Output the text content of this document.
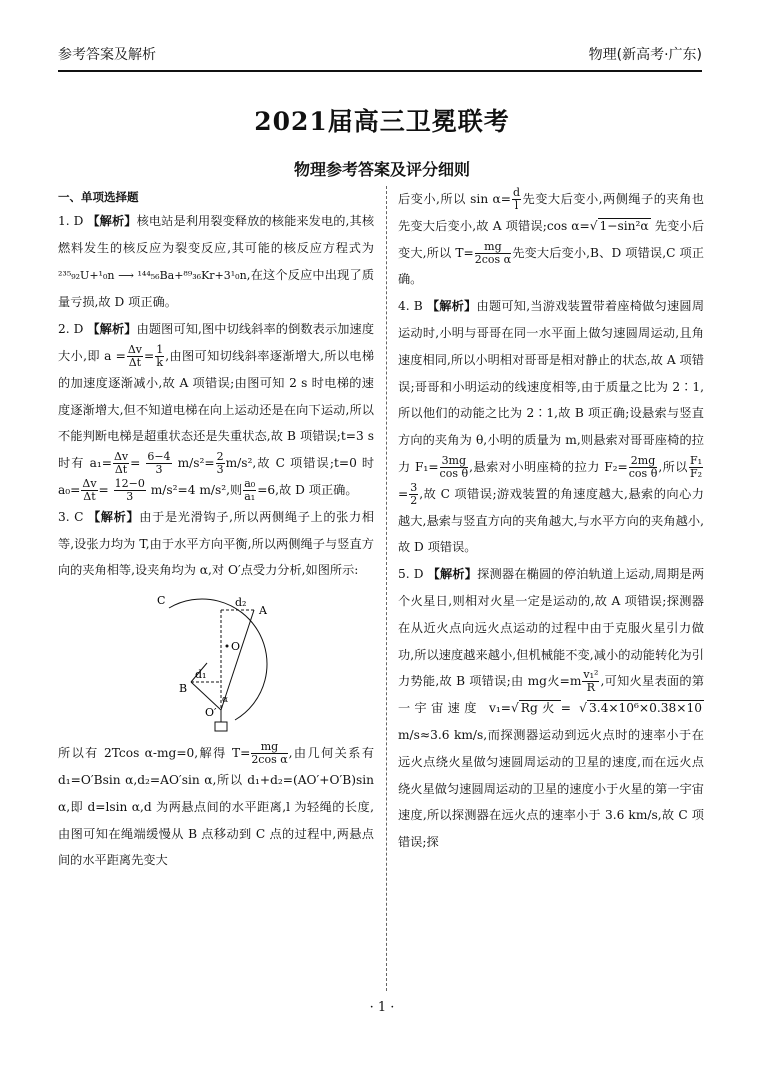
参考答案及解析	物理(新高考·广东)
2021届高三卫冕联考
物理参考答案及评分细则
一、单项选择题

1. D 【解析】核电站是利用裂变释放的核能来发电的,其核燃料发生的核反应为裂变反应,其可能的核反应方程式为²³⁵₉₂U+¹₀n ⟶ ¹⁴⁴₅₆Ba+⁸⁹₃₆Kr+3¹₀n,在这个反应中出现了质量亏损,故 D 项正确。

2. D 【解析】由题图可知,图中切线斜率的倒数表示加速度大小,即 $a = \frac{\Delta v}{\Delta t} = \frac{1}{k}$ ,由图可知切线斜率逐渐增大,所以电梯的加速度逐渐减小,故 A 项错误;由图可知 2 s 时电梯的速度逐渐增大,但不知道电梯在向上运动还是在向下运动,所以不能判断电梯是超重状态还是失重状态,故 B 项错误;t=3 s 时有 $a_1= \frac{\Delta v}{\Delta t} = \frac{6-4}{3} m/s^2= \frac{2}{3} m/s^2$,故 C 项错误;t=0 时 $a_0= \frac{\Delta v}{\Delta t} = \frac{12-0}{3} m/s^2=4$ m/s²,则 $\frac{\text{a₀}}{\text{a₁}} =6$,故 D 项正确。

3. C 【解析】由于是光滑钩子,所以两侧绳子上的张力相等,设张力均为 T,由于水平方向平衡,所以两侧绳子与竖直方向的夹角相等,设夹角均为 α,对 O′点受力分析,如图所示:

C
A
B
O
O′
d₁
d₂
α

所以有 2Tcos α-mg=0,解得 $T= \frac{mg}{\text{2cos α}}$ ,由几何关系有 d₁=O′Bsin α,d₂=AO′sin α,所以 d₁+d₂=(AO′+O′B)sin α,即 d=lsin α,d 为两悬点间的水平距离,l 为轻绳的长度,由图可知在绳端缓慢从 B 点移动到 C 点的过程中,两悬点间的水平距离先变大

后变小,所以 $\sin \alpha= \frac{d}{l}$ 先变大后变小,两侧绳子的夹角也先变大后变小,故 A 项错误;cos α=√ 1−sin²α 先变小后变大,所以 $T= \frac{mg}{\text{2cos α}}$ 先变大后变小,B、D 项错误,C 项正确。

4. B 【解析】由题可知,当游戏装置带着座椅做匀速圆周运动时,小明与哥哥在同一水平面上做匀速圆周运动,且角速度相同,所以小明相对哥哥是相对静止的状态,故 A 项错误;哥哥和小明运动的线速度相等,由于质量之比为 2∶1,所以他们的动能之比为 2∶1,故 B 项正确;设悬索与竖直方向的夹角为 θ,小明的质量为 m,则悬索对哥哥座椅的拉力 $F_1= \frac{3mg}{\text{cos θ}}$ ,悬索对小明座椅的拉力 $F_2= \frac{2mg}{\text{cos θ}}$ ,所以 $\frac{\text{F₁}}{\text{F₂}}$
= $\frac{3}{2}$ ,故 C 项错误;游戏装置的角速度越大,悬索的向心力越大,悬索与竖直方向的夹角越大,与水平方向的夹角越小,故 D 项错误。

5. D 【解析】探测器在椭圆的停泊轨道上运动,周期是两个火星日,则相对火星一定是运动的,故 A 项错误;探测器在从近火点向远火点运动的过程中由于克服火星引力做功,所以速度越来越小,但机械能不变,减小的动能转化为引力势能,故 B 项错误;由 mg火$=m \frac{\text{v₁²}}{R}$ ,可知火星表面的第一宇宙速度 v₁=√ Rg火 = √ 3.4×10⁶×0.38×10 m/s≈3.6 km/s,而探测器运动到远火点时的速率小于在远火点绕火星做匀速圆周运动的卫星的速度,而在远火点绕火星做匀速圆周运动的卫星的速度小于火星的第一宇宙速度,所以探测器在远火点的速率小于 3.6 km/s,故 C 项错误;探

· 1 ·
